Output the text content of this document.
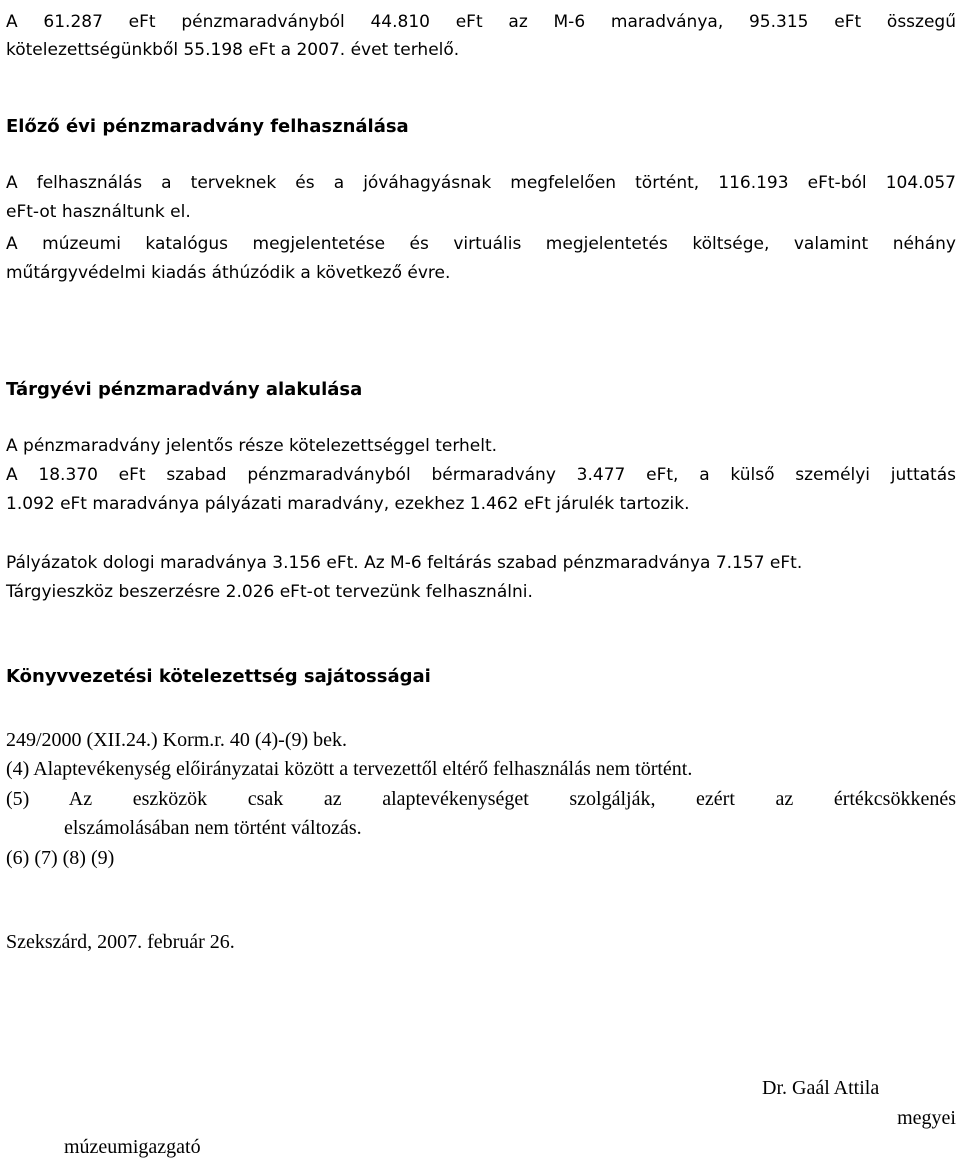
A 61.287 eFt pénzmaradványból 44.810 eFt az M-6 maradványa, 95.315 eFt összegű
kötelezettségünkből 55.198 eFt a 2007. évet terhelő.
Előző évi pénzmaradvány felhasználása
A felhasználás a terveknek és a jóváhagyásnak megfelelően történt, 116.193 eFt-ból 104.057
eFt-ot használtunk el.
A múzeumi katalógus megjelentetése és virtuális megjelentetés költsége, valamint néhány
műtárgyvédelmi kiadás áthúzódik a következő évre.
Tárgyévi pénzmaradvány alakulása
A pénzmaradvány jelentős része kötelezettséggel terhelt.
A 18.370 eFt szabad pénzmaradványból bérmaradvány 3.477 eFt, a külső személyi juttatás
1.092 eFt maradványa pályázati maradvány, ezekhez 1.462 eFt járulék tartozik.
Pályázatok dologi maradványa 3.156 eFt. Az M-6 feltárás szabad pénzmaradványa 7.157 eFt.
Tárgyieszköz beszerzésre 2.026 eFt-ot tervezünk felhasználni.
Könyvvezetési kötelezettség sajátosságai
249/2000 (XII.24.) Korm.r. 40 (4)-(9) bek.
(4) Alaptevékenység előirányzatai között a tervezettől eltérő felhasználás nem történt.
(5) Az eszközök csak az alaptevékenységet szolgálják, ezért az értékcsökkenés
elszámolásában nem történt változás.
(6) (7) (8) (9)
Szekszárd, 2007. február 26.
Dr. Gaál Attila
megyei
múzeumigazgató
